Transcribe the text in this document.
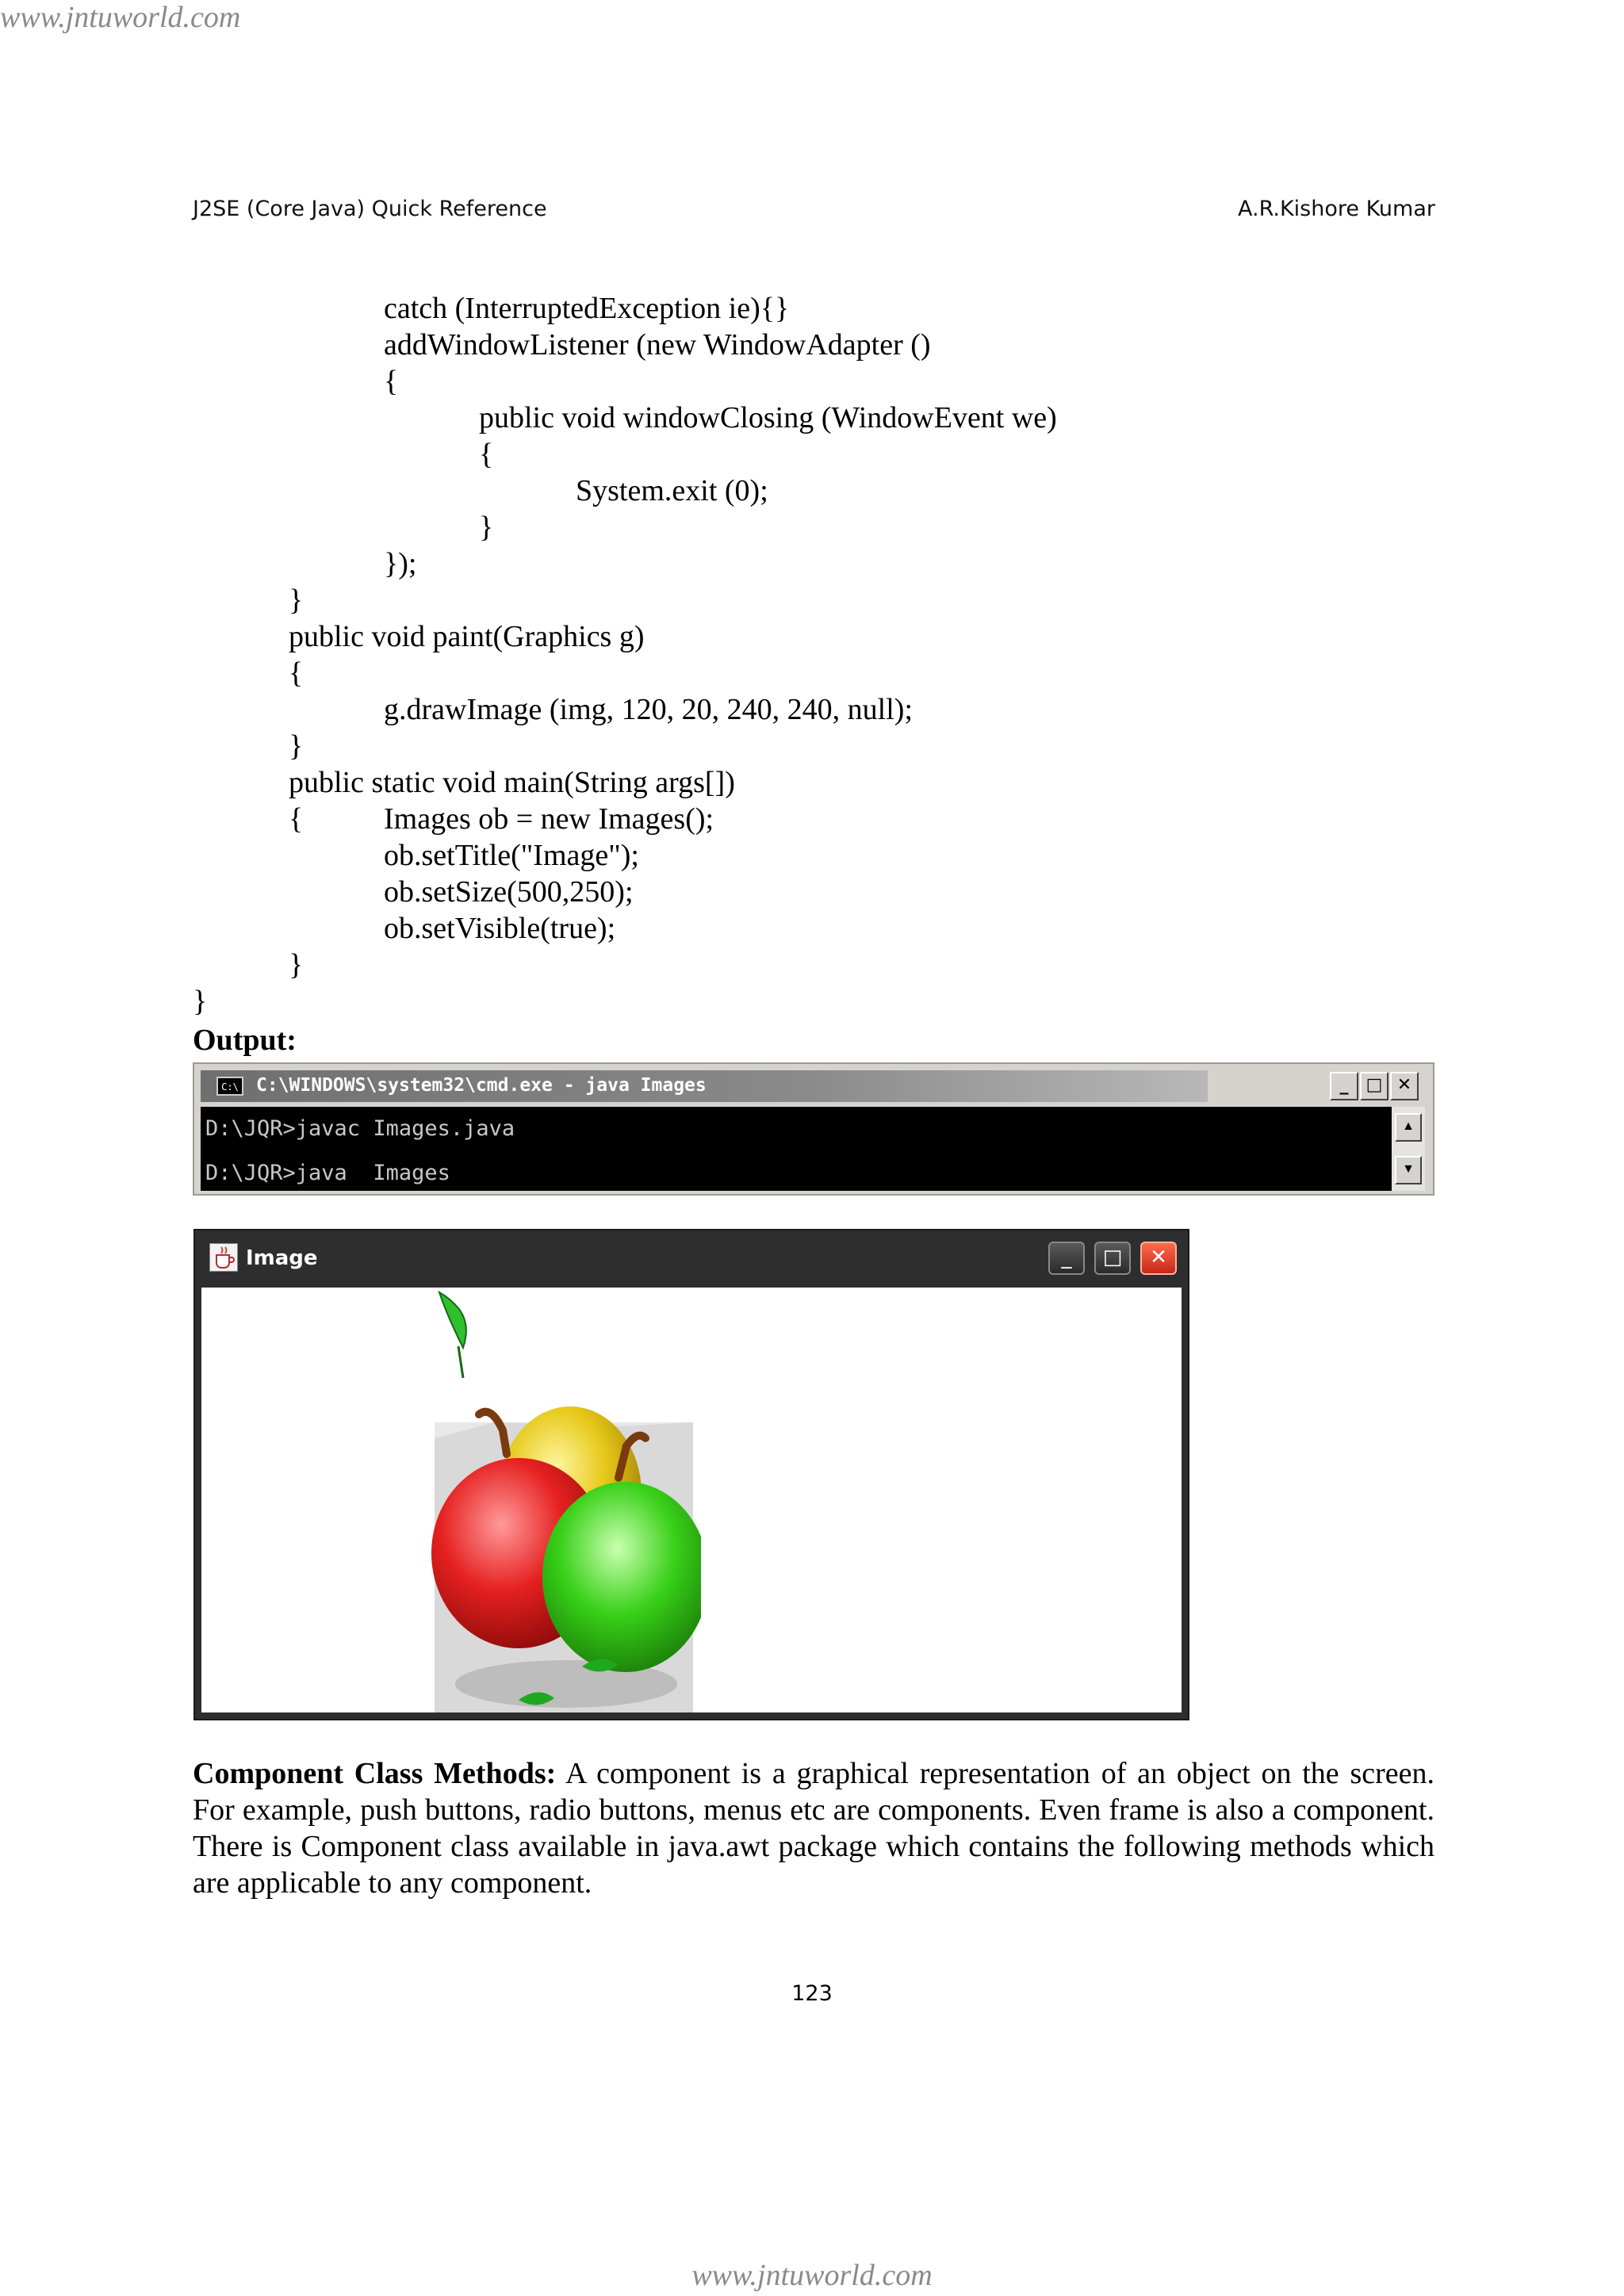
www.jntuworld.com
J2SE (Core Java) Quick Reference	A.R.Kishore Kumar
catch (InterruptedException ie){}
addWindowListener (new WindowAdapter ()
{
public void windowClosing (WindowEvent we)
{
System.exit (0);
}
});
}
public void paint(Graphics g)
{
g.drawImage (img, 120, 20, 240, 240, null);
}
public static void main(String args[])
{	Images ob = new Images();
ob.setTitle("Image");
ob.setSize(500,250);
ob.setVisible(true);
}
}
Output:
C:\ C:\WINDOWS\system32\cmd.exe - java Images	_	□ ✕
D:\JQR>javac Images.java
D:\JQR>java  Images
▲
▼
Image	_	□	✕
Component Class Methods: A component is a graphical representation of an object on the screen. For example, push buttons, radio buttons, menus etc are components. Even frame is also a component. There is Component class available in java.awt package which contains the following methods which are applicable to any component.
123
www.jntuworld.com
